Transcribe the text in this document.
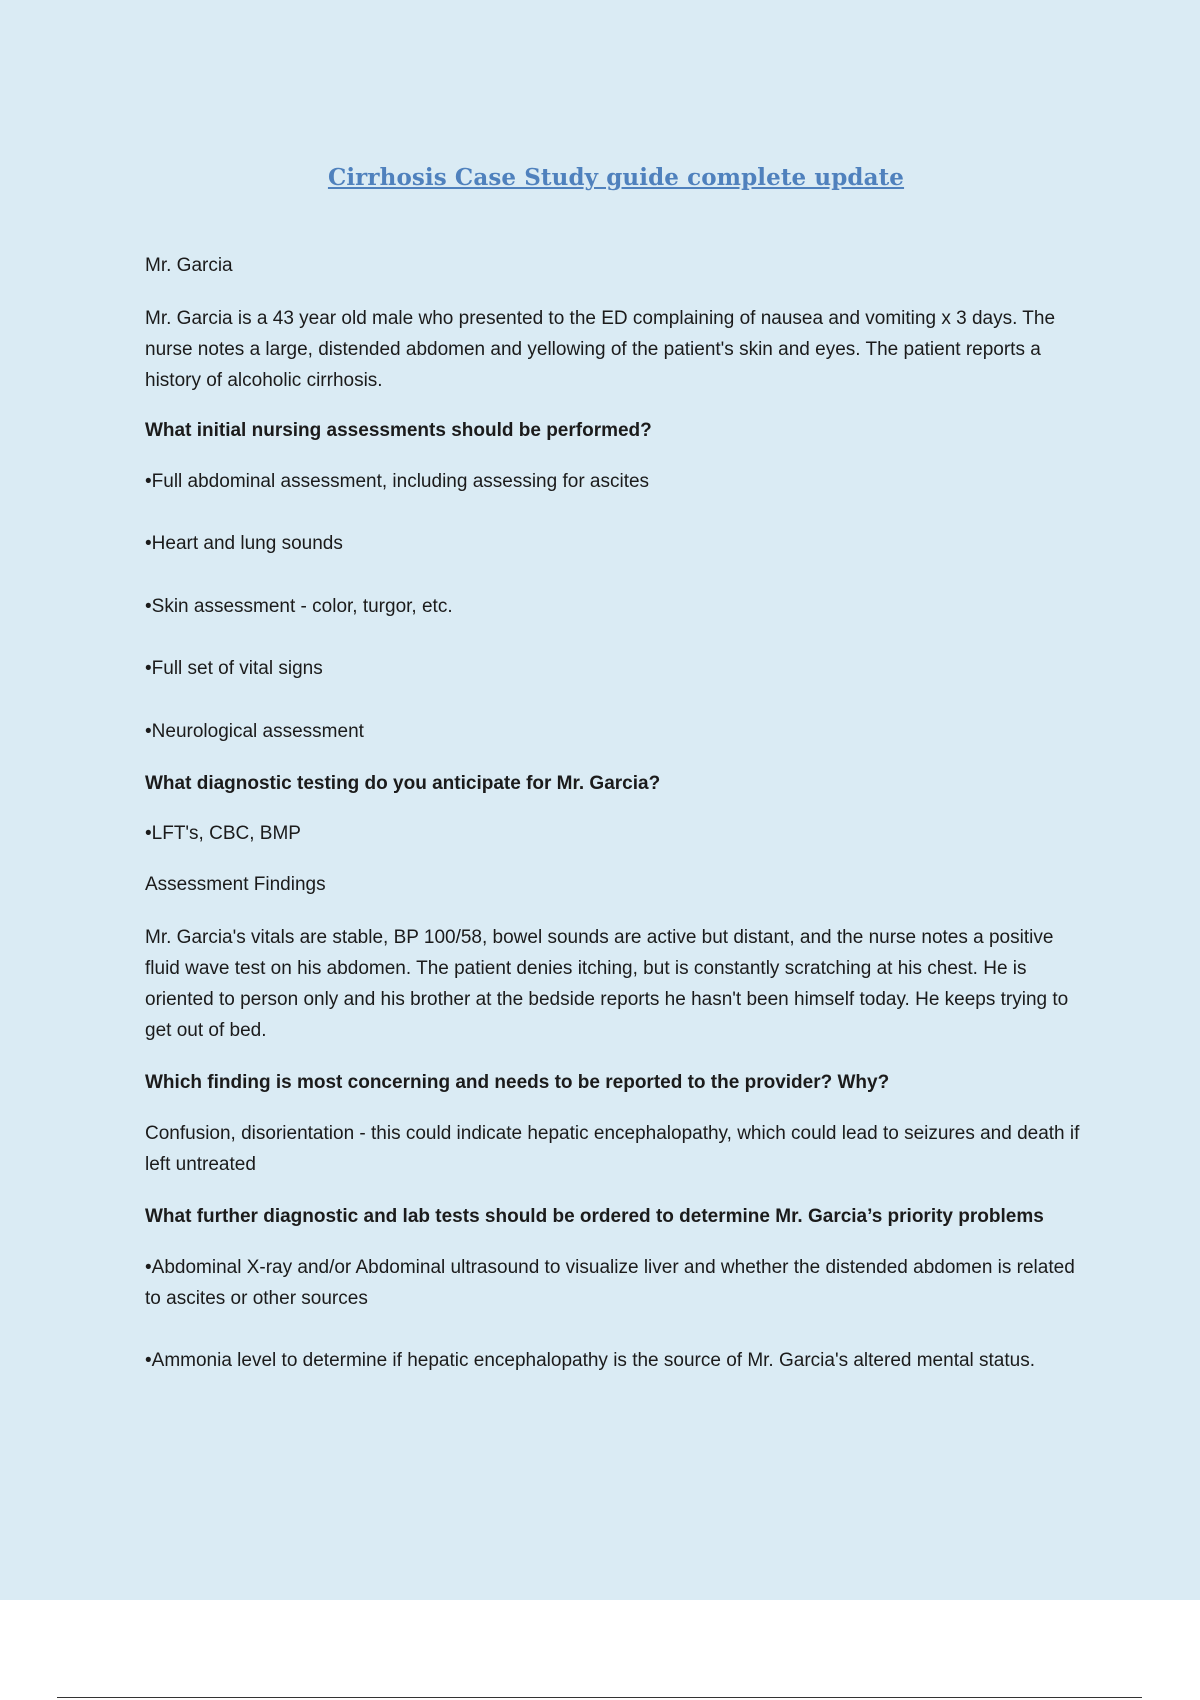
Cirrhosis Case Study guide complete update

Mr. Garcia

Mr. Garcia is a 43 year old male who presented to the ED complaining of nausea and vomiting x 3 days. The nurse notes a large, distended abdomen and yellowing of the patient's skin and eyes. The patient reports a history of alcoholic cirrhosis.

What initial nursing assessments should be performed?

•Full abdominal assessment, including assessing for ascites

•Heart and lung sounds

•Skin assessment - color, turgor, etc.

•Full set of vital signs

•Neurological assessment

What diagnostic testing do you anticipate for Mr. Garcia?

•LFT's, CBC, BMP

Assessment Findings

Mr. Garcia's vitals are stable, BP 100/58, bowel sounds are active but distant, and the nurse notes a positive fluid wave test on his abdomen. The patient denies itching, but is constantly scratching at his chest. He is oriented to person only and his brother at the bedside reports he hasn't been himself today. He keeps trying to get out of bed.

Which finding is most concerning and needs to be reported to the provider? Why?

Confusion, disorientation - this could indicate hepatic encephalopathy, which could lead to seizures and death if left untreated

What further diagnostic and lab tests should be ordered to determine Mr. Garcia’s priority problems

•Abdominal X-ray and/or Abdominal ultrasound to visualize liver and whether the distended abdomen is related to ascites or other sources

•Ammonia level to determine if hepatic encephalopathy is the source of Mr. Garcia's altered mental status.
